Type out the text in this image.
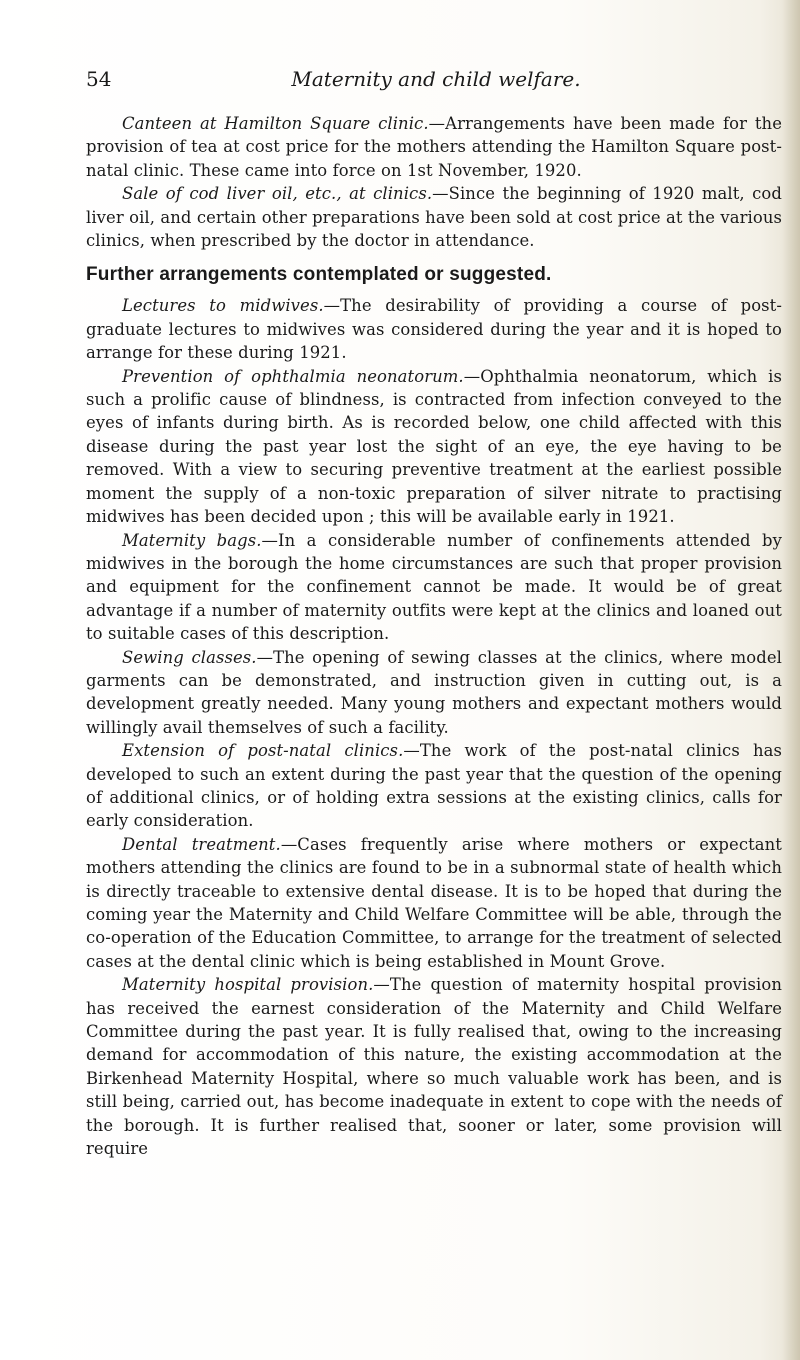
54	Maternity and child welfare.

Canteen at Hamilton Square clinic.—Arrangements have been made for the provision of tea at cost price for the mothers attending the Hamilton Square post-natal clinic. These came into force on 1st November, 1920.

Sale of cod liver oil, etc., at clinics.—Since the beginning of 1920 malt, cod liver oil, and certain other preparations have been sold at cost price at the various clinics, when prescribed by the doctor in attendance.

Further arrangements contemplated or suggested.

Lectures to midwives.—The desirability of providing a course of post-graduate lectures to midwives was considered during the year and it is hoped to arrange for these during 1921.

Prevention of ophthalmia neonatorum.—Ophthalmia neonatorum, which is such a prolific cause of blindness, is contracted from infection conveyed to the eyes of infants during birth. As is recorded below, one child affected with this disease during the past year lost the sight of an eye, the eye having to be removed. With a view to securing preventive treatment at the earliest possible moment the supply of a non-toxic preparation of silver nitrate to practising midwives has been decided upon ; this will be available early in 1921.

Maternity bags.—In a considerable number of confinements attended by midwives in the borough the home circumstances are such that proper provision and equipment for the confinement cannot be made. It would be of great advantage if a number of maternity outfits were kept at the clinics and loaned out to suitable cases of this description.

Sewing classes.—The opening of sewing classes at the clinics, where model garments can be demonstrated, and instruction given in cutting out, is a development greatly needed. Many young mothers and expectant mothers would willingly avail themselves of such a facility.

Extension of post-natal clinics.—The work of the post-natal clinics has developed to such an extent during the past year that the question of the opening of additional clinics, or of holding extra sessions at the existing clinics, calls for early consideration.

Dental treatment.—Cases frequently arise where mothers or expectant mothers attending the clinics are found to be in a subnormal state of health which is directly traceable to extensive dental disease. It is to be hoped that during the coming year the Maternity and Child Welfare Committee will be able, through the co-operation of the Education Committee, to arrange for the treatment of selected cases at the dental clinic which is being established in Mount Grove.

Maternity hospital provision.—The question of maternity hospital provision has received the earnest consideration of the Maternity and Child Welfare Committee during the past year. It is fully realised that, owing to the increasing demand for accommodation of this nature, the existing accommodation at the Birkenhead Maternity Hospital, where so much valuable work has been, and is still being, carried out, has become inadequate in extent to cope with the needs of the borough. It is further realised that, sooner or later, some provision will require
